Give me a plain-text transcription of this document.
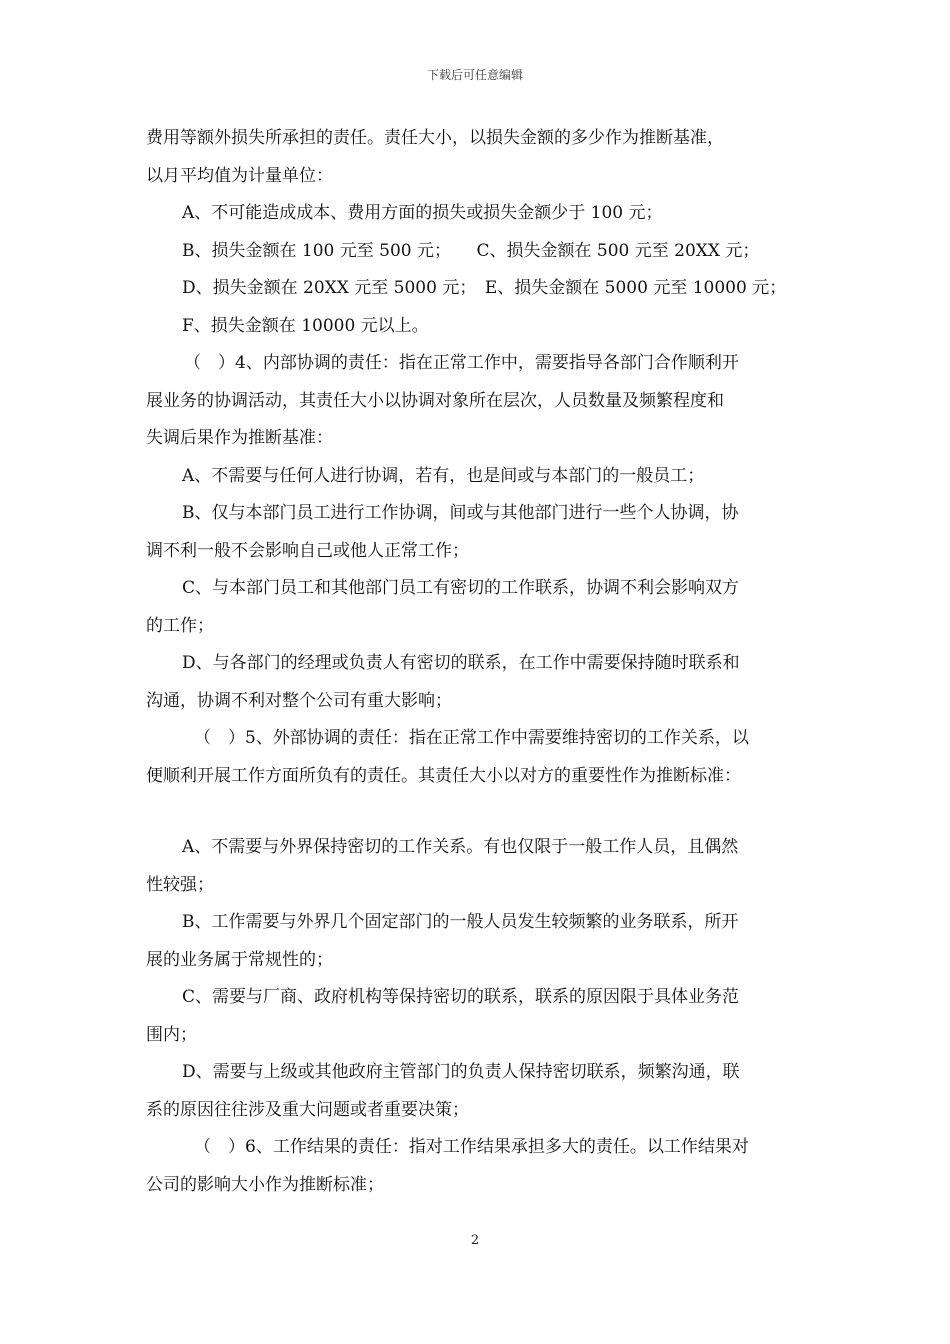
下载后可任意编辑
费用等额外损失所承担的责任。责任大小，以损失金额的多少作为推断基准，
以月平均值为计量单位：
A、不可能造成成本、费用方面的损失或损失金额少于 100 元；
B、损失金额在 100 元至 500 元；　　C、损失金额在 500 元至 20XX 元；
D、损失金额在 20XX 元至 5000 元；　E、损失金额在 5000 元至 10000 元；
F、损失金额在 10000 元以上。
（　）4、内部协调的责任：指在正常工作中，需要指导各部门合作顺利开
展业务的协调活动，其责任大小以协调对象所在层次，人员数量及频繁程度和
失调后果作为推断基准：
A、不需要与任何人进行协调，若有，也是间或与本部门的一般员工；
B、仅与本部门员工进行工作协调，间或与其他部门进行一些个人协调，协
调不利一般不会影响自己或他人正常工作；
C、与本部门员工和其他部门员工有密切的工作联系，协调不利会影响双方
的工作；
D、与各部门的经理或负责人有密切的联系，在工作中需要保持随时联系和
沟通，协调不利对整个公司有重大影响；
（　）5、外部协调的责任：指在正常工作中需要维持密切的工作关系，以
便顺利开展工作方面所负有的责任。其责任大小以对方的重要性作为推断标准：
A、不需要与外界保持密切的工作关系。有也仅限于一般工作人员，且偶然
性较强；
B、工作需要与外界几个固定部门的一般人员发生较频繁的业务联系，所开
展的业务属于常规性的；
C、需要与厂商、政府机构等保持密切的联系，联系的原因限于具体业务范
围内；
D、需要与上级或其他政府主管部门的负责人保持密切联系，频繁沟通，联
系的原因往往涉及重大问题或者重要决策；
（　）6、工作结果的责任：指对工作结果承担多大的责任。以工作结果对
公司的影响大小作为推断标准；
2
